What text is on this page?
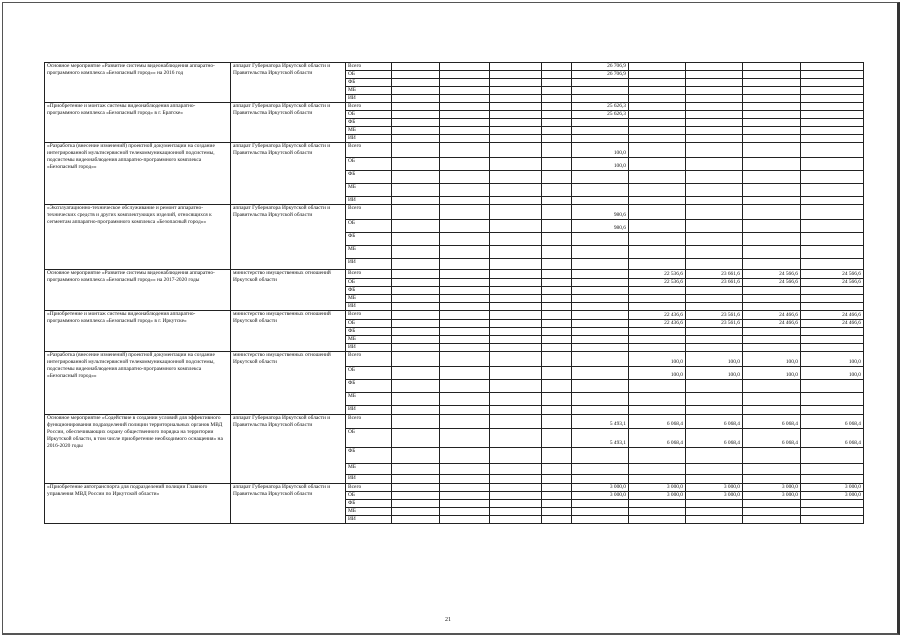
Основное мероприятие «Развитие системы видеонаблюдения аппаратно-программного комплекса «Безопасный город»» на 2016 год	аппарат Губернатора Иркутской области и Правительства Иркутской области	Всего					26 706,9				
		ОБ					26 706,9				
		ФБ									
		МБ									
		ИИ									
«Приобретение и монтаж системы видеонаблюдения аппаратно-программного комплекса «Безопасный город» в г. Братске»	аппарат Губернатора Иркутской области и Правительства Иркутской области	Всего					25 626,3				
		ОБ					25 626,3				
		ФБ									
		МБ									
		ИИ									
«Разработка (внесение изменений) проектной документации на создание интегрированной мультисервисной телекоммуникационной подсистемы, подсистемы видеонаблюдения аппаратно-программного комплекса «Безопасный город»»	аппарат Губернатора Иркутской области и Правительства Иркутской области	Всего					100,0				
		ОБ					100,0				
		ФБ									
		МБ									
		ИИ									
«Эксплуатационно-техническое обслуживание и ремонт аппаратно-технических средств и других комплектующих изделий, относящихся к сегментам аппаратно-программного комплекса «Безопасный город»»	аппарат Губернатора Иркутской области и Правительства Иркутской области	Всего					980,6				
		ОБ					980,6				
		ФБ									
		МБ									
		ИИ									
Основное мероприятие «Развитие системы видеонаблюдения аппаратно-программного комплекса «Безопасный город»» на 2017-2020 годы	министерство имущественных отношений Иркутской области	Всего						22 536,6	23 661,6	24 566,6	24 566,6
		ОБ						22 536,6	23 661,6	24 566,6	24 566,6
		ФБ									
		МБ									
		ИИ									
«Приобретение и монтаж системы видеонаблюдения аппаратно-программного комплекса «Безопасный город» в г. Иркутске»	министерство имущественных отношений Иркутской области	Всего						22 436,6	23 561,6	24 466,6	24 466,6
		ОБ						22 436,6	23 561,6	24 466,6	24 466,6
		ФБ									
		МБ									
		ИИ									
«Разработка (внесение изменений) проектной документации на создание интегрированной мультисервисной телекоммуникационной подсистемы, подсистемы видеонаблюдения аппаратно-программного комплекса «Безопасный город»»	министерство имущественных отношений Иркутской области	Всего						100,0	100,0	100,0	100,0
		ОБ						100,0	100,0	100,0	100,0
		ФБ									
		МБ									
		ИИ									
Основное мероприятие «Содействие в создании условий для эффективного функционирования подразделений полиции территориальных органов МВД России, обеспечивающих охрану общественного порядка на территории Иркутской области, в том числе приобретение необходимого оснащения» на 2016-2020 годы	аппарат Губернатора Иркутской области и Правительства Иркутской области	Всего					5 493,1	6 068,4	6 068,4	6 068,4	6 068,4
		ОБ					5 493,1	6 068,4	6 068,4	6 068,4	6 068,4
		ФБ									
		МБ									
		ИИ									
«Приобретение автотранспорта для подразделений полиции Главного управления МВД России по Иркутской области»	аппарат Губернатора Иркутской области и Правительства Иркутской области	Всего					3 000,0	3 000,0	3 000,0	3 000,0	3 000,0
		ОБ					3 000,0	3 000,0	3 000,0	3 000,0	3 000,0
		ФБ									
		МБ									
		ИИ									
21
